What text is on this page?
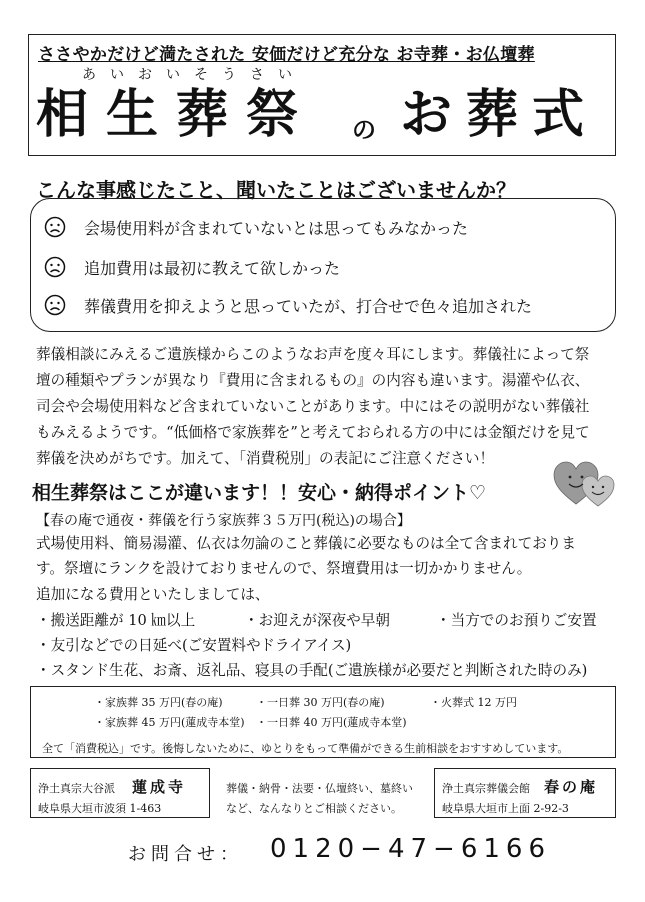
ささやかだけど満たされた 安価だけど充分な お寺葬・お仏壇葬
あいおいそうさい
相生葬祭 の お葬式
こんな事感じたこと、聞いたことはございませんか？
会場使用料が含まれていないとは思ってもみなかった
追加費用は最初に教えて欲しかった
葬儀費用を抑えようと思っていたが、打合せで色々追加された
葬儀相談にみえるご遺族様からこのようなお声を度々耳にします。葬儀社によって祭
壇の種類やプランが異なり『費用に含まれるもの』の内容も違います。湯灌や仏衣、
司会や会場使用料など含まれていないことがあります。中にはその説明がない葬儀社
もみえるようです。“低価格で家族葬を”と考えておられる方の中には金額だけを見て
葬儀を決めがちです。加えて、「消費税別」の表記にご注意ください！
相生葬祭はここが違います！！安心・納得ポイント♡
【春の庵で通夜・葬儀を行う家族葬３５万円(税込)の場合】
式場使用料、簡易湯灌、仏衣は勿論のこと葬儀に必要なものは全て含まれておりま
す。祭壇にランクを設けておりませんので、祭壇費用は一切かかりません。
追加になる費用といたしましては、
・搬送距離が 10 ㎞以上	・お迎えが深夜や早朝	・当方でのお預りご安置
・友引などでの日延べ(ご安置料やドライアイス)
・スタンド生花、お斎、返礼品、寝具の手配(ご遺族様が必要だと判断された時のみ)
・家族葬 35 万円(春の庵)	・一日葬 30 万円(春の庵)	・火葬式 12 万円
・家族葬 45 万円(蓮成寺本堂) ・一日葬 40 万円(蓮成寺本堂)
全て「消費税込」です。後悔しないために、ゆとりをもって準備ができる生前相談をおすすめしています。
浄土真宗大谷派 蓮成寺
岐阜県大垣市波須 1-463
葬儀・納骨・法要・仏壇終い、墓終い
など、なんなりとご相談ください。
浄土真宗葬儀会館 春の庵
岐阜県大垣市上面 2-92-3
お問合せ： 0120−47−6166
